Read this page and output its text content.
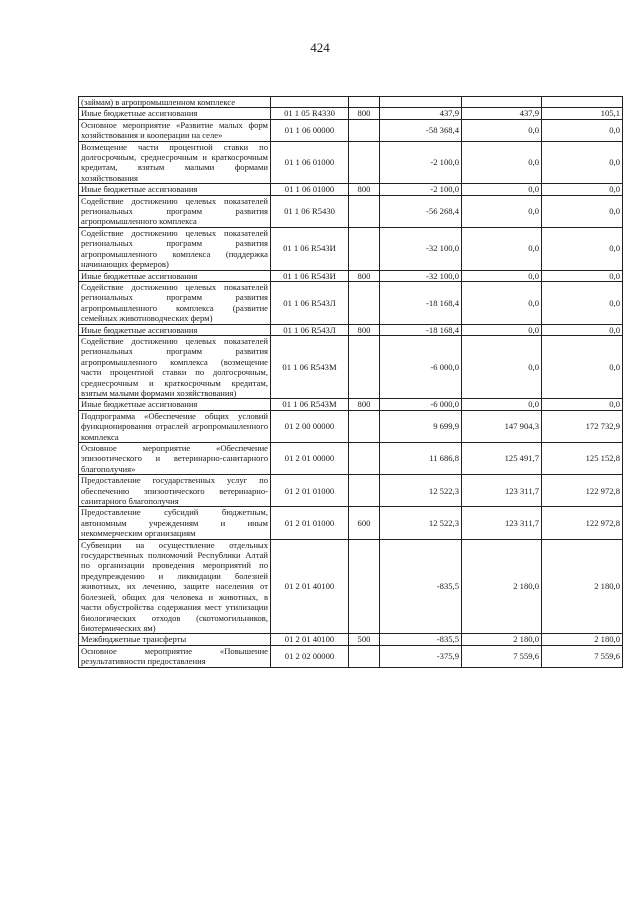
424
(займам) в агропромышленном комплексе					
Иные бюджетные ассигнования	01 1 05 R4330	800	437,9	437,9	105,1
Основное мероприятие «Развитие малых форм хозяйствования и кооперации на селе»	01 1 06 00000		-58 368,4	0,0	0,0
Возмещение части процентной ставки по долгосрочным, среднесрочным и краткосрочным кредитам, взятым малыми формами хозяйствования	01 1 06 01000		-2 100,0	0,0	0,0
Иные бюджетные ассигнования	01 1 06 01000	800	-2 100,0	0,0	0,0
Содействие достижению целевых показателей региональных программ развития агропромышленного комплекса	01 1 06 R5430		-56 268,4	0,0	0,0
Содействие достижению целевых показателей региональных программ развития агропромышленного комплекса (поддержка начинающих фермеров)	01 1 06 R543И		-32 100,0	0,0	0,0
Иные бюджетные ассигнования	01 1 06 R543И	800	-32 100,0	0,0	0,0
Содействие достижению целевых показателей региональных программ развития агропромышленного комплекса (развитие семейных животноводческих ферм)	01 1 06 R543Л		-18 168,4	0,0	0,0
Иные бюджетные ассигнования	01 1 06 R543Л	800	-18 168,4	0,0	0,0
Содействие достижению целевых показателей региональных программ развития агропромышленного комплекса (возмещение части процентной ставки по долгосрочным, среднесрочным и краткосрочным кредитам, взятым малыми формами хозяйствования)	01 1 06 R543М		-6 000,0	0,0	0,0
Иные бюджетные ассигнования	01 1 06 R543М	800	-6 000,0	0,0	0,0
Подпрограмма «Обеспечение общих условий функционирования отраслей агропромышленного комплекса	01 2 00 00000		9 699,9	147 904,3	172 732,9
Основное мероприятие «Обеспечение эпизоотического и ветеринарно-санитарного благополучия»	01 2 01 00000		11 686,8	125 491,7	125 152,8
Предоставление государственных услуг по обеспечению эпизоотического ветеринарно-санитарного благополучия	01 2 01 01000		12 522,3	123 311,7	122 972,8
Предоставление субсидий бюджетным, автономным учреждениям и иным некоммерческим организациям	01 2 01 01000	600	12 522,3	123 311,7	122 972,8
Субвенции на осуществление отдельных государственных полномочий Республики Алтай по организации проведения мероприятий по предупреждению и ликвидации болезней животных, их лечению, защите населения от болезней, общих для человека и животных, в части обустройства содержания мест утилизации биологических отходов (скотомогильников, биотермических ям)	01 2 01 40100		-835,5	2 180,0	2 180,0
Межбюджетные трансферты	01 2 01 40100	500	-835,5	2 180,0	2 180,0
Основное мероприятие «Повышение результативности предоставления	01 2 02 00000		-375,9	7 559,6	7 559,6
